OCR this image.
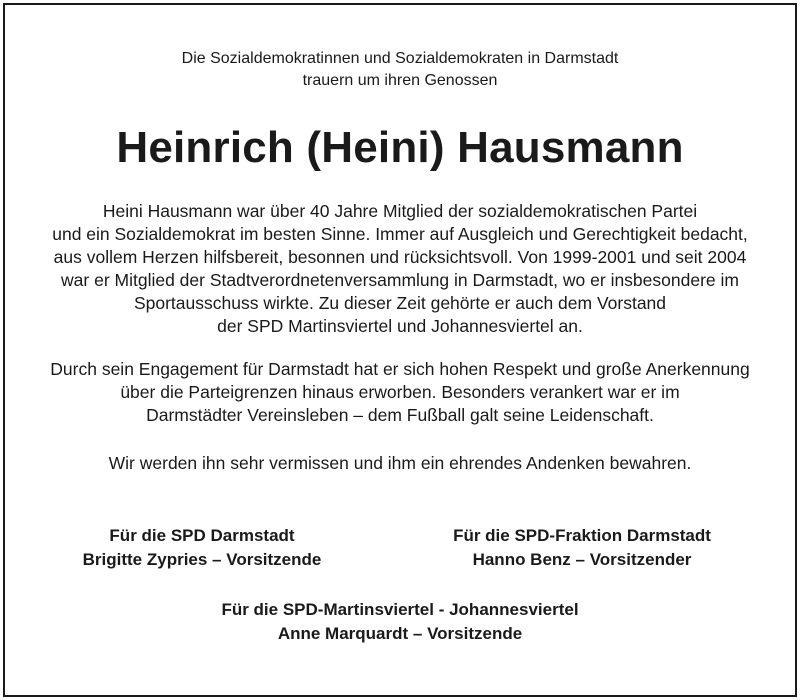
Die Sozialdemokratinnen und Sozialdemokraten in Darmstadt
trauern um ihren Genossen
Heinrich (Heini) Hausmann
Heini Hausmann war über 40 Jahre Mitglied der sozialdemokratischen Partei
und ein Sozialdemokrat im besten Sinne. Immer auf Ausgleich und Gerechtigkeit bedacht,
aus vollem Herzen hilfsbereit, besonnen und rücksichtsvoll. Von 1999-2001 und seit 2004
war er Mitglied der Stadtverordnetenversammlung in Darmstadt, wo er insbesondere im
Sportausschuss wirkte. Zu dieser Zeit gehörte er auch dem Vorstand
der SPD Martinsviertel und Johannesviertel an.
Durch sein Engagement für Darmstadt hat er sich hohen Respekt und große Anerkennung
über die Parteigrenzen hinaus erworben. Besonders verankert war er im
Darmstädter Vereinsleben – dem Fußball galt seine Leidenschaft.
Wir werden ihn sehr vermissen und ihm ein ehrendes Andenken bewahren.
Für die SPD Darmstadt
Brigitte Zypries – Vorsitzende
Für die SPD-Fraktion Darmstadt
Hanno Benz – Vorsitzender
Für die SPD-Martinsviertel - Johannesviertel
Anne Marquardt – Vorsitzende
